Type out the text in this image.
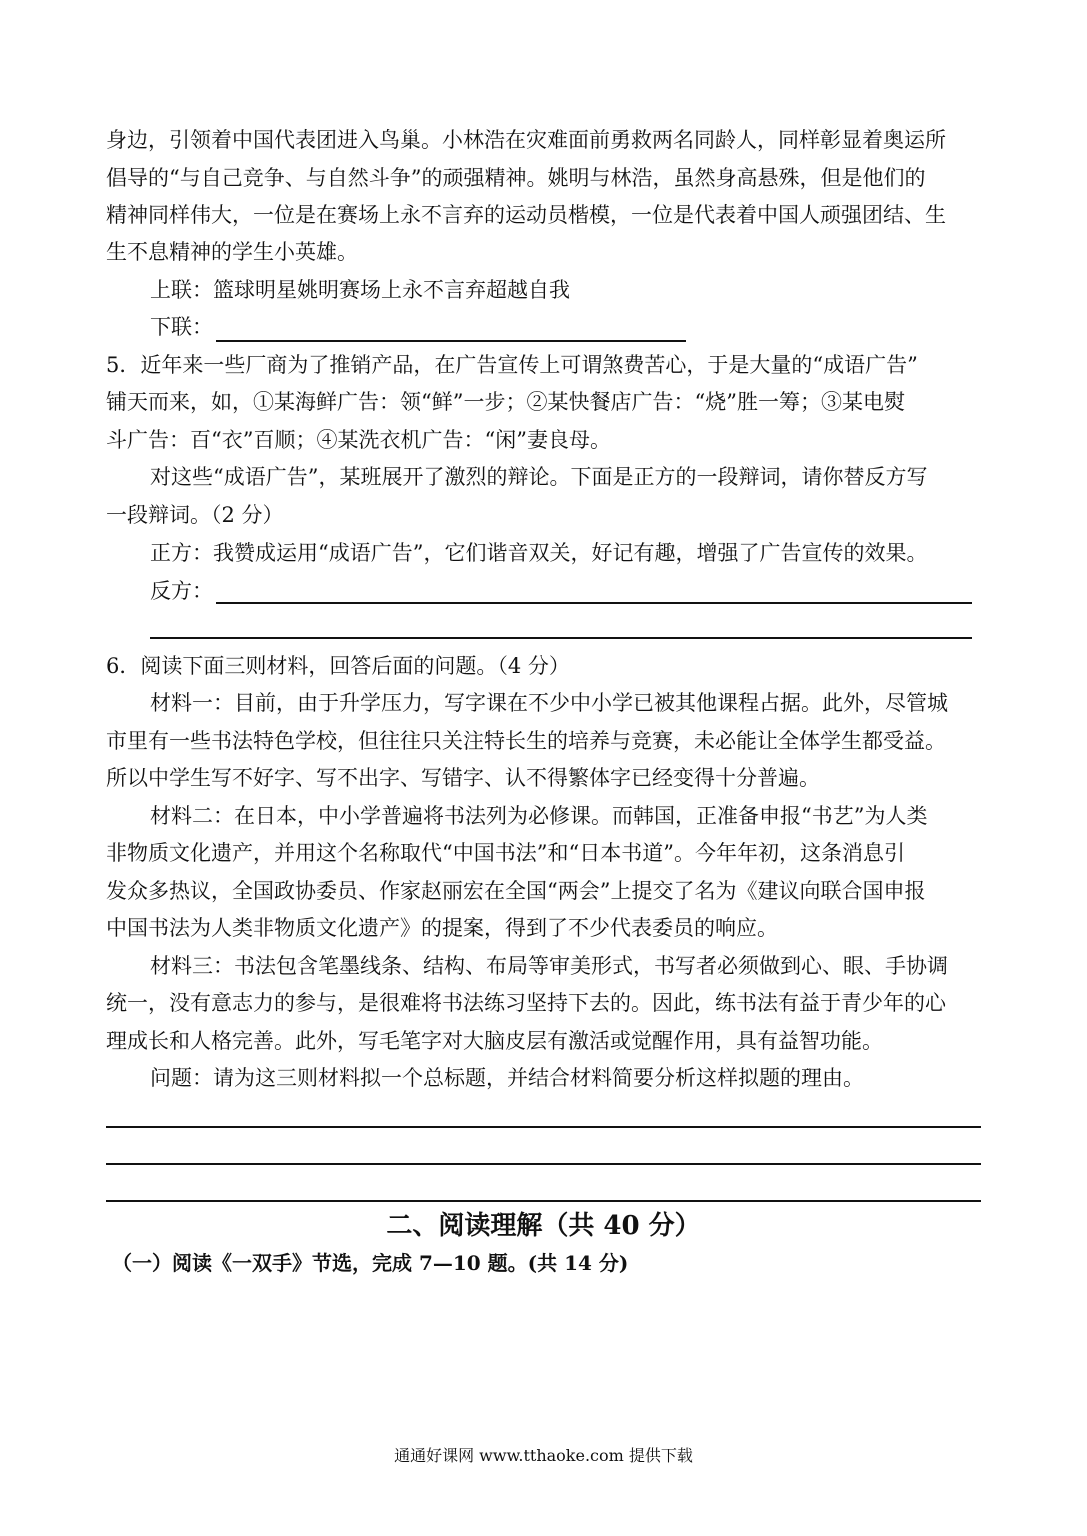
身边，引领着中国代表团进入鸟巢。小林浩在灾难面前勇救两名同龄人，同样彰显着奥运所
倡导的“与自己竞争、与自然斗争”的顽强精神。姚明与林浩，虽然身高悬殊，但是他们的
精神同样伟大，一位是在赛场上永不言弃的运动员楷模，一位是代表着中国人顽强团结、生
生不息精神的学生小英雄。
上联：篮球明星姚明赛场上永不言弃超越自我
下联：
5．近年来一些厂商为了推销产品，在广告宣传上可谓煞费苦心，于是大量的“成语广告”
铺天而来，如，①某海鲜广告：领“鲜”一步；②某快餐店广告：“烧”胜一筹；③某电熨
斗广告：百“衣”百顺；④某洗衣机广告：“闲”妻良母。
对这些“成语广告”，某班展开了激烈的辩论。下面是正方的一段辩词，请你替反方写
一段辩词。（2 分）
正方：我赞成运用“成语广告”，它们谐音双关，好记有趣，增强了广告宣传的效果。
反方：
6．阅读下面三则材料，回答后面的问题。（4 分）
材料一：目前，由于升学压力，写字课在不少中小学已被其他课程占据。此外，尽管城
市里有一些书法特色学校，但往往只关注特长生的培养与竞赛，未必能让全体学生都受益。
所以中学生写不好字、写不出字、写错字、认不得繁体字已经变得十分普遍。
材料二：在日本，中小学普遍将书法列为必修课。而韩国，正准备申报“书艺”为人类
非物质文化遗产，并用这个名称取代“中国书法”和“日本书道”。今年年初，这条消息引
发众多热议，全国政协委员、作家赵丽宏在全国“两会”上提交了名为《建议向联合国申报
中国书法为人类非物质文化遗产》的提案，得到了不少代表委员的响应。
材料三：书法包含笔墨线条、结构、布局等审美形式，书写者必须做到心、眼、手协调
统一，没有意志力的参与，是很难将书法练习坚持下去的。因此，练书法有益于青少年的心
理成长和人格完善。此外，写毛笔字对大脑皮层有激活或觉醒作用，具有益智功能。
问题：请为这三则材料拟一个总标题，并结合材料简要分析这样拟题的理由。
二、阅读理解（共 40 分）
（一）阅读《一双手》节选，完成 7—10 题。(共 14 分)
通通好课网 www.tthaoke.com 提供下载
